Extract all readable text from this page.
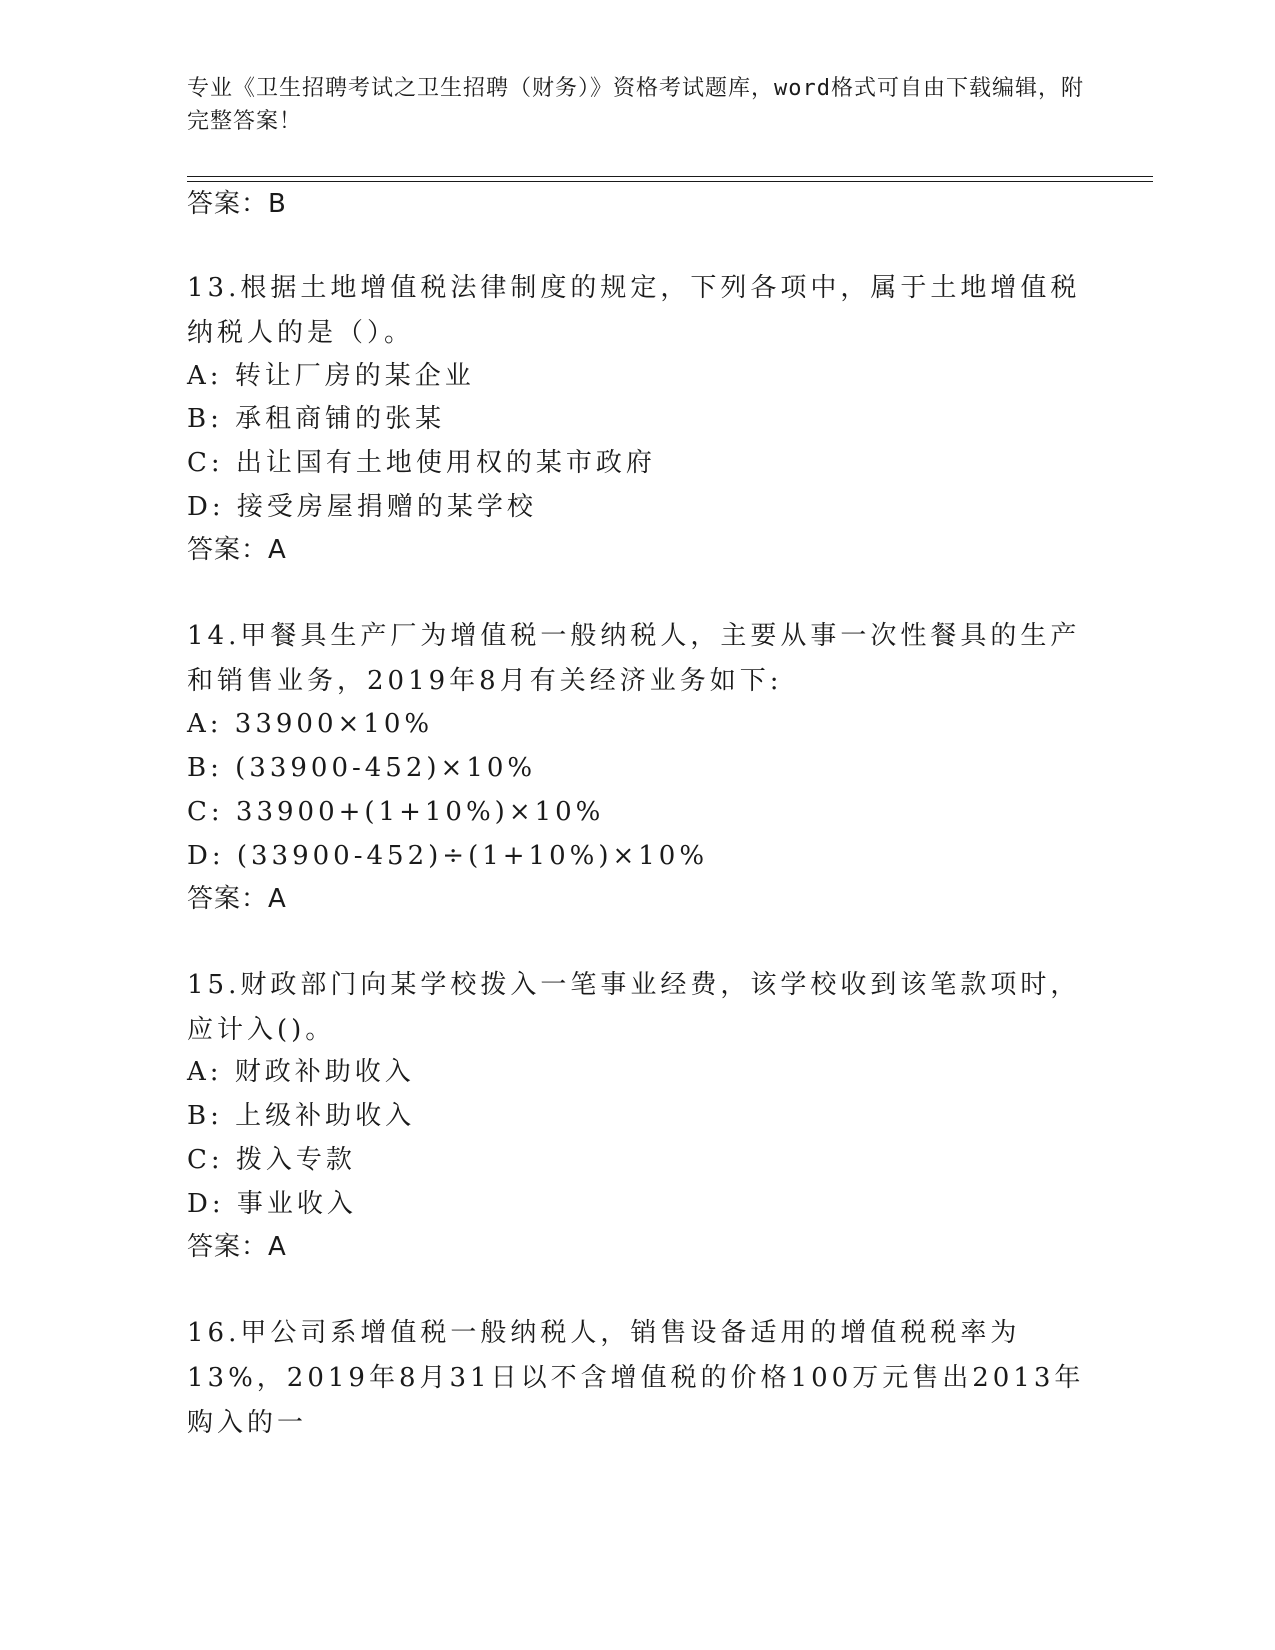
专业《卫生招聘考试之卫生招聘（财务）》资格考试题库，word格式可自由下载编辑，附完整答案！
答案：B
13.根据土地增值税法律制度的规定，下列各项中，属于土地增值税纳税人的是（）。
A: 转让厂房的某企业
B: 承租商铺的张某
C: 出让国有土地使用权的某市政府
D: 接受房屋捐赠的某学校
答案：A
14.甲餐具生产厂为增值税一般纳税人，主要从事一次性餐具的生产和销售业务，2019年8月有关经济业务如下:
A: 33900×10%
B: (33900-452)×10%
C: 33900+(1+10%)×10%
D: (33900-452)÷(1+10%)×10%
答案：A
15.财政部门向某学校拨入一笔事业经费，该学校收到该笔款项时，应计入()。
A: 财政补助收入
B: 上级补助收入
C: 拨入专款
D: 事业收入
答案：A
16.甲公司系增值税一般纳税人，销售设备适用的增值税税率为13%，2019年8月31日以不含增值税的价格100万元售出2013年购入的一
